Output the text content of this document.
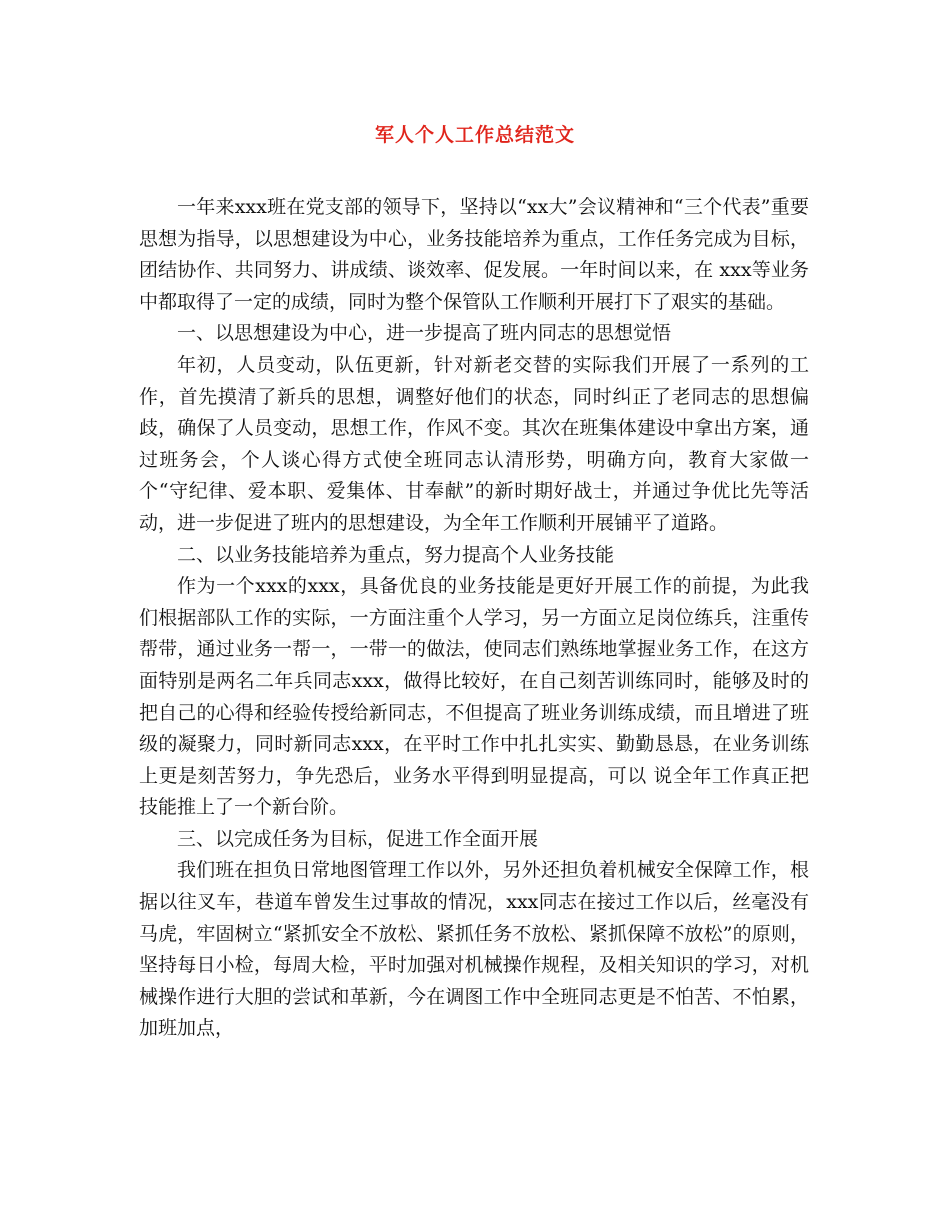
军人个人工作总结范文

一年来xxx班在党支部的领导下，坚持以“xx大”会议精神和“三个代表”重要思想为指导，以思想建设为中心，业务技能培养为重点，工作任务完成为目标，团结协作、共同努力、讲成绩、谈效率、促发展。一年时间以来，在 xxx等业务中都取得了一定的成绩，同时为整个保管队工作顺利开展打下了艰实的基础。

一、以思想建设为中心，进一步提高了班内同志的思想觉悟

年初，人员变动，队伍更新，针对新老交替的实际我们开展了一系列的工作，首先摸清了新兵的思想，调整好他们的状态，同时纠正了老同志的思想偏歧，确保了人员变动，思想工作，作风不变。其次在班集体建设中拿出方案，通过班务会，个人谈心得方式使全班同志认清形势，明确方向，教育大家做一个“守纪律、爱本职、爱集体、甘奉献”的新时期好战士，并通过争优比先等活动，进一步促进了班内的思想建设，为全年工作顺利开展铺平了道路。

二、以业务技能培养为重点，努力提高个人业务技能

作为一个xxx的xxx，具备优良的业务技能是更好开展工作的前提，为此我们根据部队工作的实际，一方面注重个人学习，另一方面立足岗位练兵，注重传帮带，通过业务一帮一，一带一的做法，使同志们熟练地掌握业务工作，在这方面特别是两名二年兵同志xxx，做得比较好，在自己刻苦训练同时，能够及时的把自己的心得和经验传授给新同志，不但提高了班业务训练成绩，而且增进了班级的凝聚力，同时新同志xxx，在平时工作中扎扎实实、勤勤恳恳，在业务训练上更是刻苦努力，争先恐后，业务水平得到明显提高，可以 说全年工作真正把技能推上了一个新台阶。

三、以完成任务为目标，促进工作全面开展

我们班在担负日常地图管理工作以外，另外还担负着机械安全保障工作，根据以往叉车，巷道车曾发生过事故的情况，xxx同志在接过工作以后，丝毫没有马虎，牢固树立“紧抓安全不放松、紧抓任务不放松、紧抓保障不放松”的原则，坚持每日小检，每周大检，平时加强对机械操作规程，及相关知识的学习，对机械操作进行大胆的尝试和革新，今在调图工作中全班同志更是不怕苦、不怕累，加班加点，
